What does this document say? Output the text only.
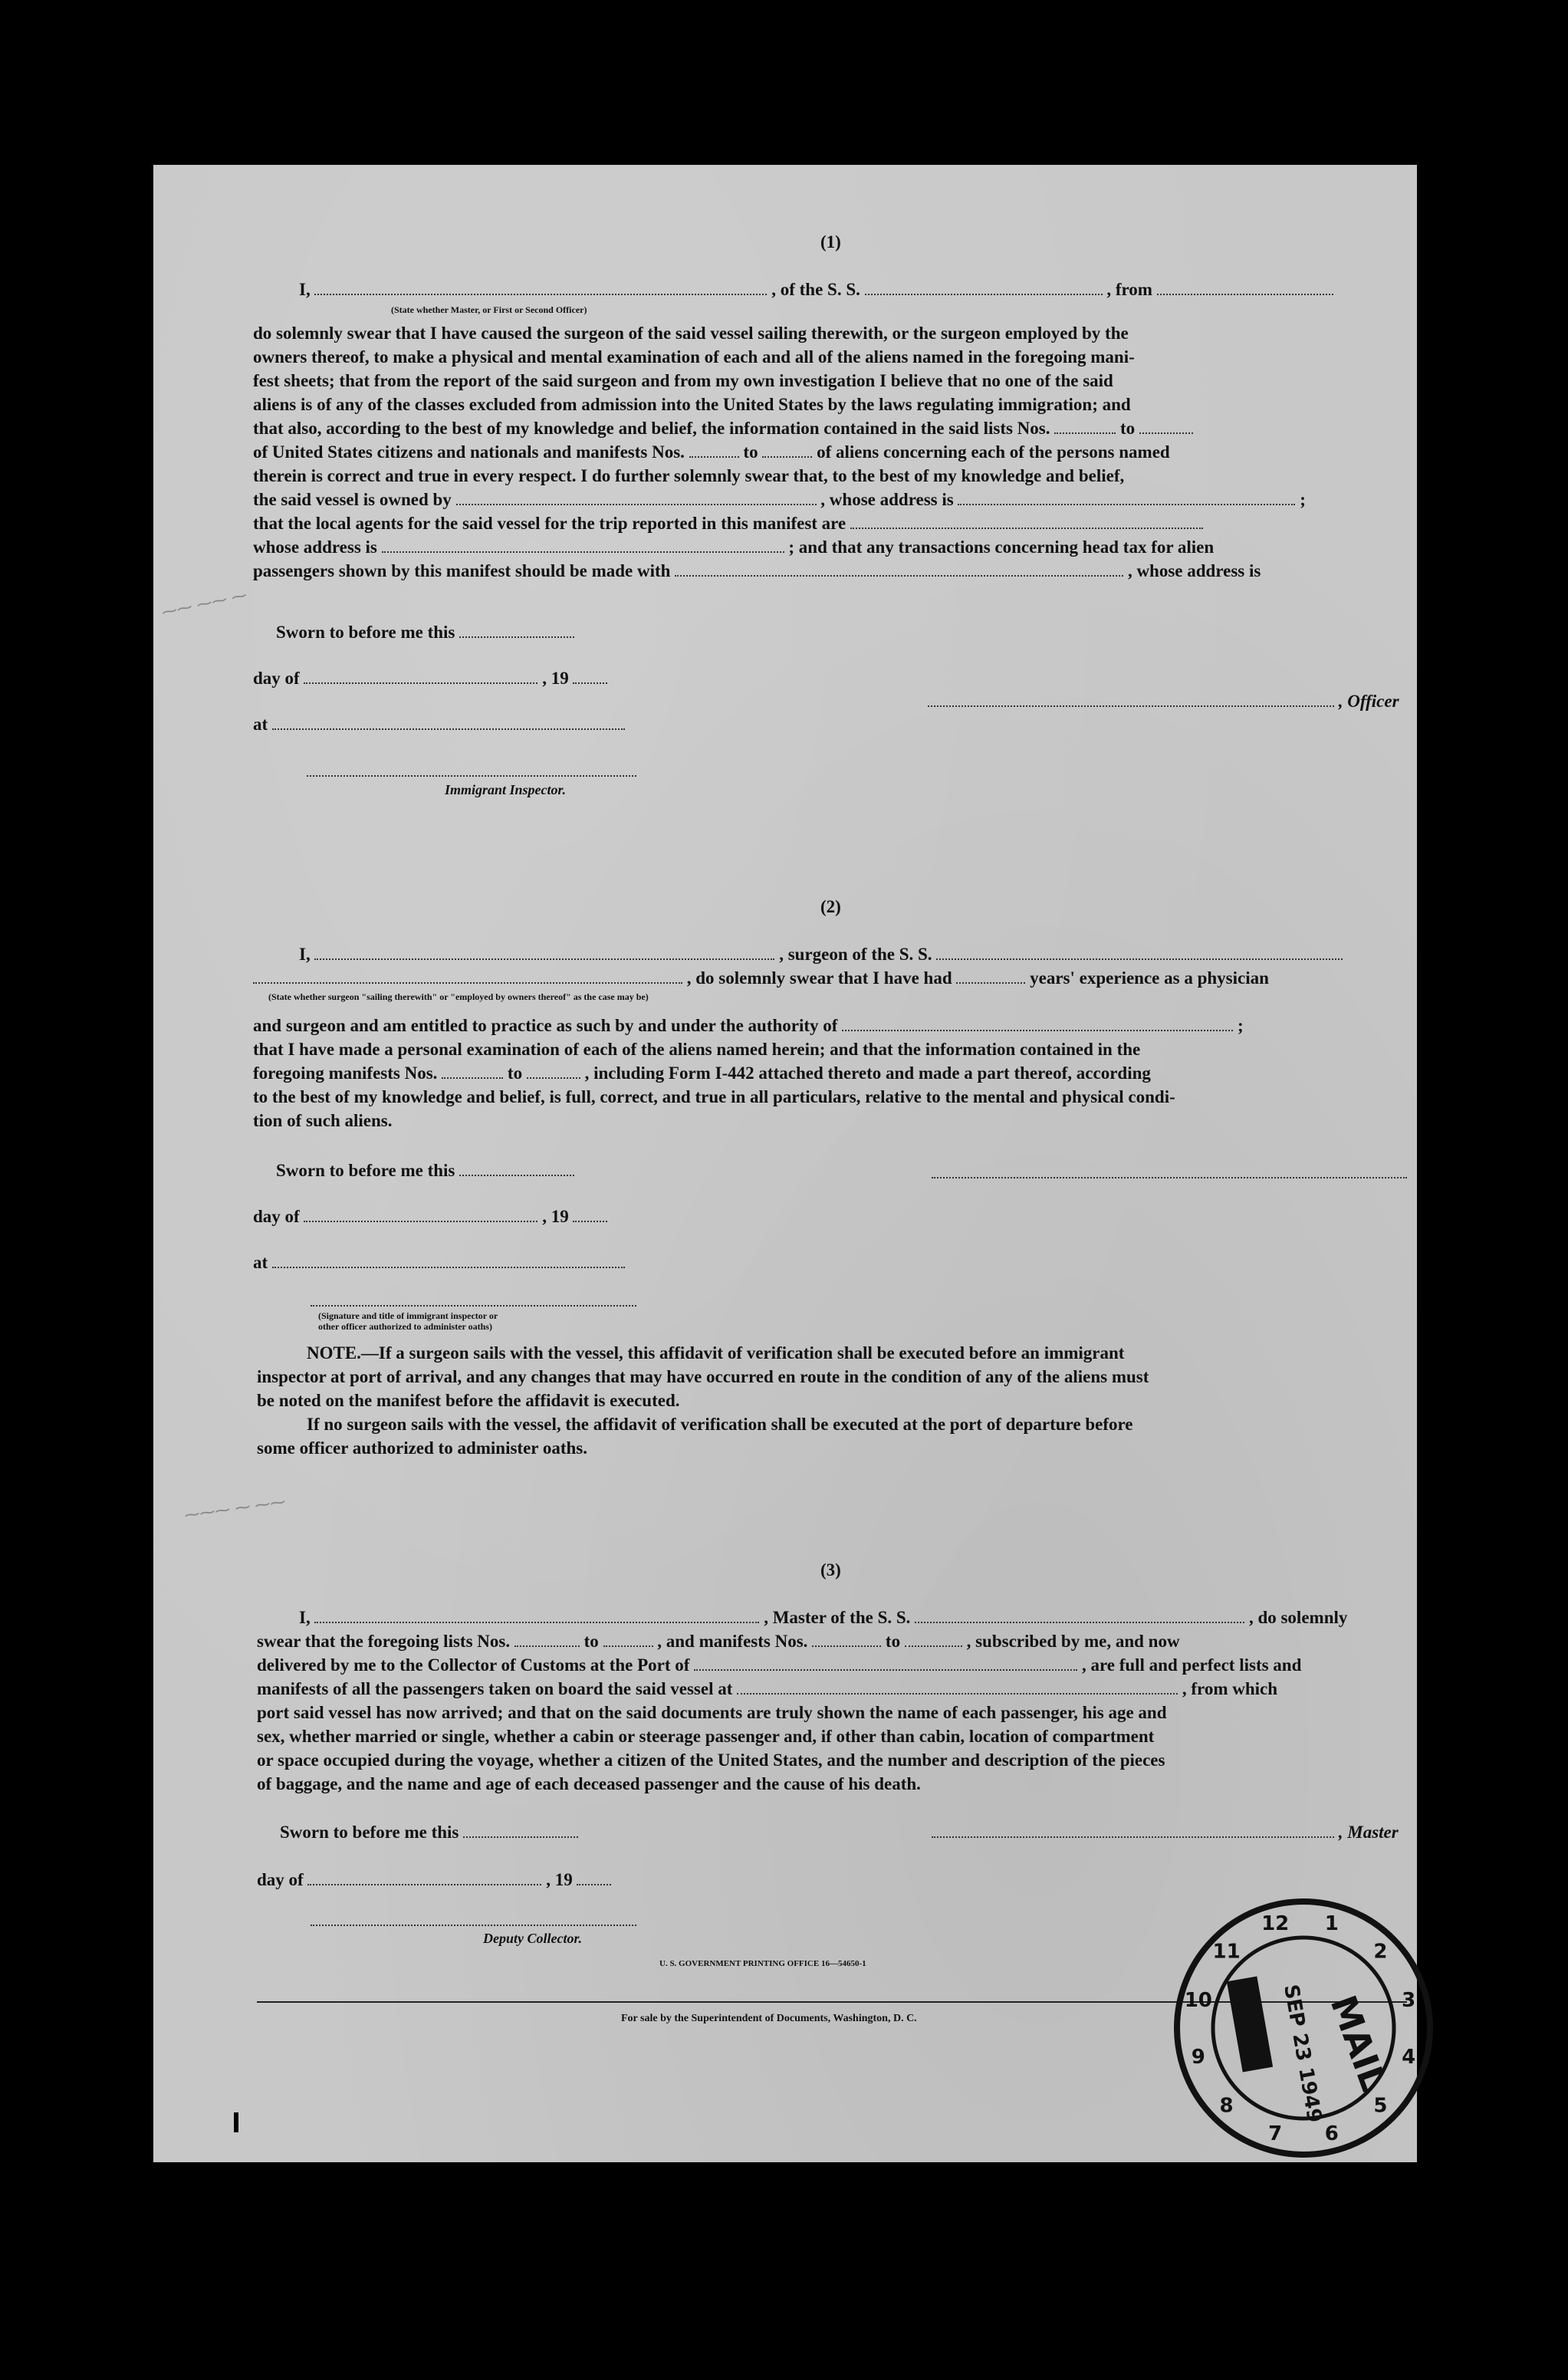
⁓⁓ ⁓⁓ ⁓
⁓⁓⁓ ⁓ ⁓⁓
(1)
I,	, of the S. S.	, from
(State whether Master, or First or Second Officer)
do solemnly swear that I have caused the surgeon of the said vessel sailing therewith, or the surgeon employed by the
owners thereof, to make a physical and mental examination of each and all of the aliens named in the foregoing mani-
fest sheets; that from the report of the said surgeon and from my own investigation I believe that no one of the said
aliens is of any of the classes excluded from admission into the United States by the laws regulating immigration; and
that also, according to the best of my knowledge and belief, the information contained in the said lists Nos.	to
of United States citizens and nationals and manifests Nos.	to	of aliens concerning each of the persons named
therein is correct and true in every respect. I do further solemnly swear that, to the best of my knowledge and belief,
the said vessel is owned by	, whose address is	;
that the local agents for the said vessel for the trip reported in this manifest are
whose address is	; and that any transactions concerning head tax for alien
passengers shown by this manifest should be made with	, whose address is
Sworn to before me this
day of	, 19
, Officer
at
Immigrant Inspector.
(2)
I,	, surgeon of the S. S.
, do solemnly swear that I have had	years' experience as a physician
(State whether surgeon "sailing therewith" or "employed by owners thereof" as the case may be)
and surgeon and am entitled to practice as such by and under the authority of	;
that I have made a personal examination of each of the aliens named herein; and that the information contained in the
foregoing manifests Nos.	to	, including Form I-442 attached thereto and made a part thereof, according
to the best of my knowledge and belief, is full, correct, and true in all particulars, relative to the mental and physical condi-
tion of such aliens.
Sworn to before me this
day of	, 19
at
(Signature and title of immigrant inspector or
other officer authorized to administer oaths)
NOTE.—If a surgeon sails with the vessel, this affidavit of verification shall be executed before an immigrant
inspector at port of arrival, and any changes that may have occurred en route in the condition of any of the aliens must
be noted on the manifest before the affidavit is executed.
If no surgeon sails with the vessel, the affidavit of verification shall be executed at the port of departure before
some officer authorized to administer oaths.
(3)
I,	, Master of the S. S.	, do solemnly
swear that the foregoing lists Nos.	to	, and manifests Nos.	to	, subscribed by me, and now
delivered by me to the Collector of Customs at the Port of	, are full and perfect lists and
manifests of all the passengers taken on board the said vessel at	, from which
port said vessel has now arrived; and that on the said documents are truly shown the name of each passenger, his age and
sex, whether married or single, whether a cabin or steerage passenger and, if other than cabin, location of compartment
or space occupied during the voyage, whether a citizen of the United States, and the number and description of the pieces
of baggage, and the name and age of each deceased passenger and the cause of his death.
Sworn to before me this	, Master
day of	, 19
Deputy Collector.
U. S. GOVERNMENT PRINTING OFFICE 16—54650-1
For sale by the Superintendent of Documents, Washington, D. C.
1
2
3
4
5
6
7
8
9
10
11
12
MAIL
SEP 23 1949
